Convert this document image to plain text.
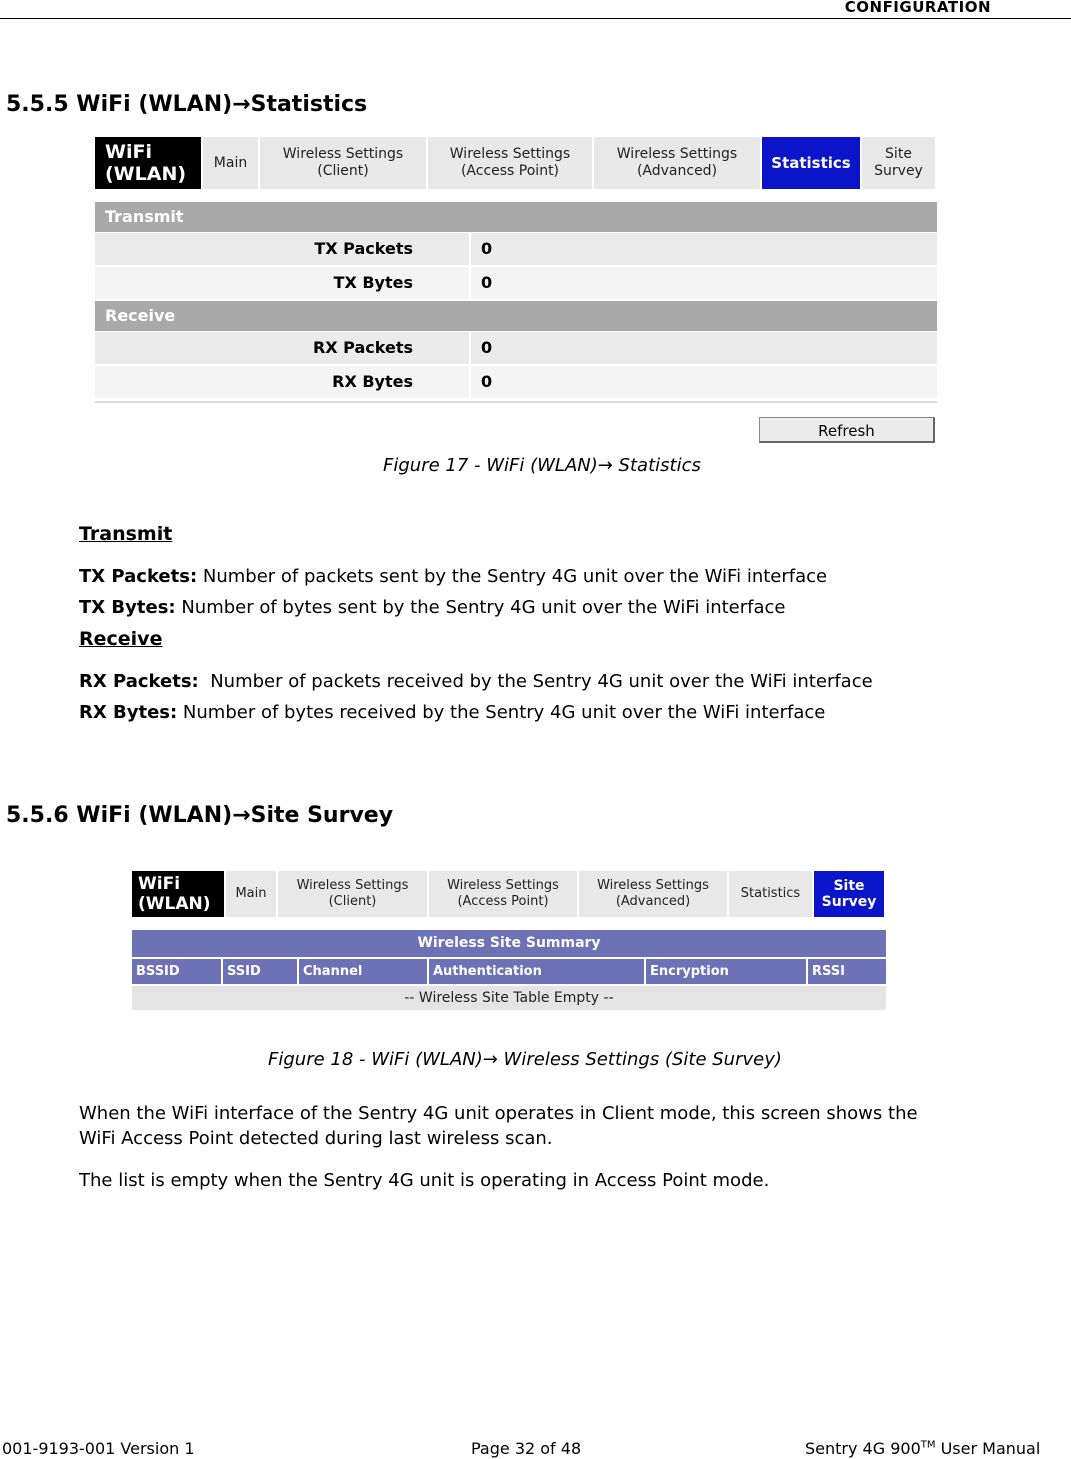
CONFIGURATION
5.5.5 WiFi (WLAN)→Statistics
WiFi
(WLAN)
Main
Wireless Settings
(Client)
Wireless Settings
(Access Point)
Wireless Settings
(Advanced)	Statistics	Site
Survey
Transmit
TX Packets	0
TX Bytes	0
Receive
RX Packets	0
RX Bytes	0
Refresh
Figure 17 - WiFi (WLAN)→ Statistics
Transmit
TX Packets: Number of packets sent by the Sentry 4G unit over the WiFi interface
TX Bytes: Number of bytes sent by the Sentry 4G unit over the WiFi interface
Receive
RX Packets:  Number of packets received by the Sentry 4G unit over the WiFi interface
RX Bytes: Number of bytes received by the Sentry 4G unit over the WiFi interface
5.5.6 WiFi (WLAN)→Site Survey
WiFi
(WLAN)
Main
Wireless Settings
(Client)
Wireless Settings
(Access Point)
Wireless Settings
(Advanced)
Statistics	Site
Survey
Wireless Site Summary
BSSID	SSID	Channel	Authentication	Encryption	RSSI
-- Wireless Site Table Empty --
Figure 18 - WiFi (WLAN)→ Wireless Settings (Site Survey)
When the WiFi interface of the Sentry 4G unit operates in Client mode, this screen shows the
WiFi Access Point detected during last wireless scan.
The list is empty when the Sentry 4G unit is operating in Access Point mode.
001-9193-001 Version 1	Page 32 of 48	Sentry 4G 900™ User Manual
